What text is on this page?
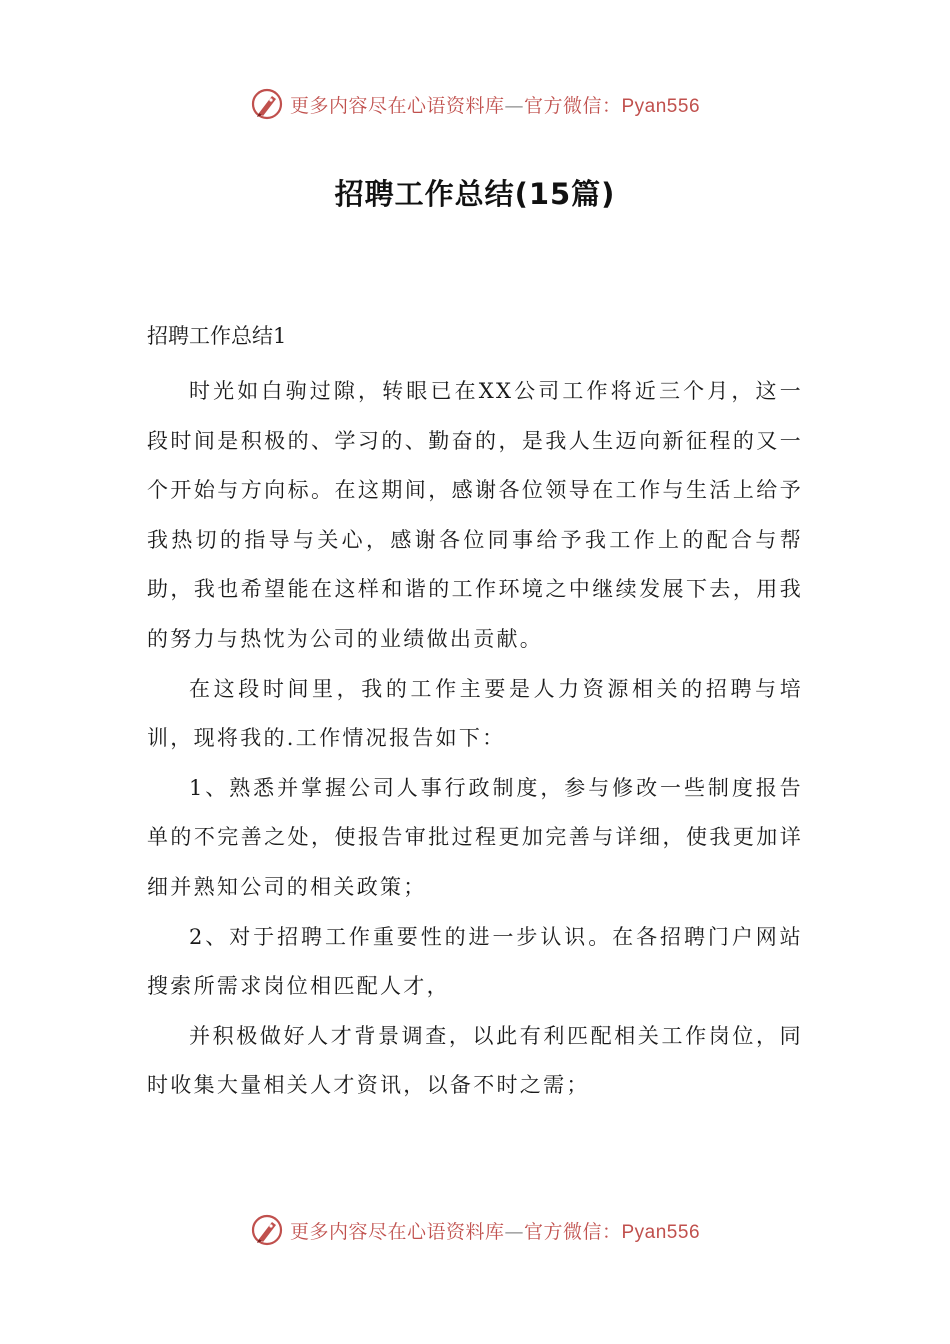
更多内容尽在心语资料库—官方微信：Pyan556
招聘工作总结(15篇)
招聘工作总结1

时光如白驹过隙，转眼已在XX公司工作将近三个月，这一段时间是积极的、学习的、勤奋的，是我人生迈向新征程的又一个开始与方向标。在这期间，感谢各位领导在工作与生活上给予我热切的指导与关心，感谢各位同事给予我工作上的配合与帮助，我也希望能在这样和谐的工作环境之中继续发展下去，用我的努力与热忱为公司的业绩做出贡献。

在这段时间里，我的工作主要是人力资源相关的招聘与培训，现将我的.工作情况报告如下：

1、熟悉并掌握公司人事行政制度，参与修改一些制度报告单的不完善之处，使报告审批过程更加完善与详细，使我更加详细并熟知公司的相关政策；

2、对于招聘工作重要性的进一步认识。在各招聘门户网站搜索所需求岗位相匹配人才，

并积极做好人才背景调查，以此有利匹配相关工作岗位，同时收集大量相关人才资讯，以备不时之需；

更多内容尽在心语资料库—官方微信：Pyan556
